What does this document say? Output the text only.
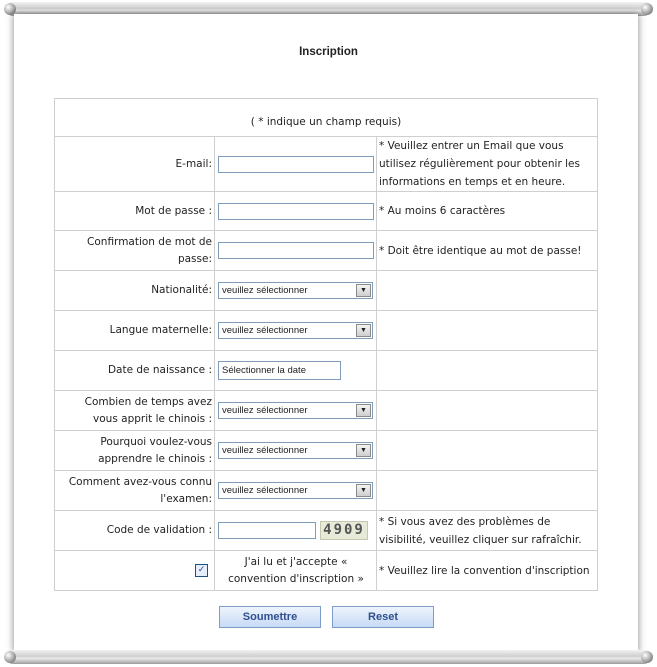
Inscription
( * indique un champ requis)		
E-mail:		* Veuillez entrer un Email que vous utilisez régulièrement pour obtenir les informations en temps et en heure.
Mot de passe :		* Au moins 6 caractères
Confirmation de mot de passe:		* Doit être identique au mot de passe!
Nationalité:	veuillez sélectionner ▼	

Langue maternelle:	veuillez sélectionner ▼	

Date de naissance :	Sélectionner la date	

Combien de temps avez vous apprit le chinois :	veuillez sélectionner ▼	

Pourquoi voulez-vous apprendre le chinois :	veuillez sélectionner ▼	

Comment avez-vous connu l'examen:	veuillez sélectionner ▼	

Code de validation :	4909	* Si vous avez des problèmes de visibilité, veuillez cliquer sur rafraîchir.

✓	J'ai lu et j'accepte « convention d'inscription »	* Veuillez lire la convention d'inscription
Soumettre	Reset
